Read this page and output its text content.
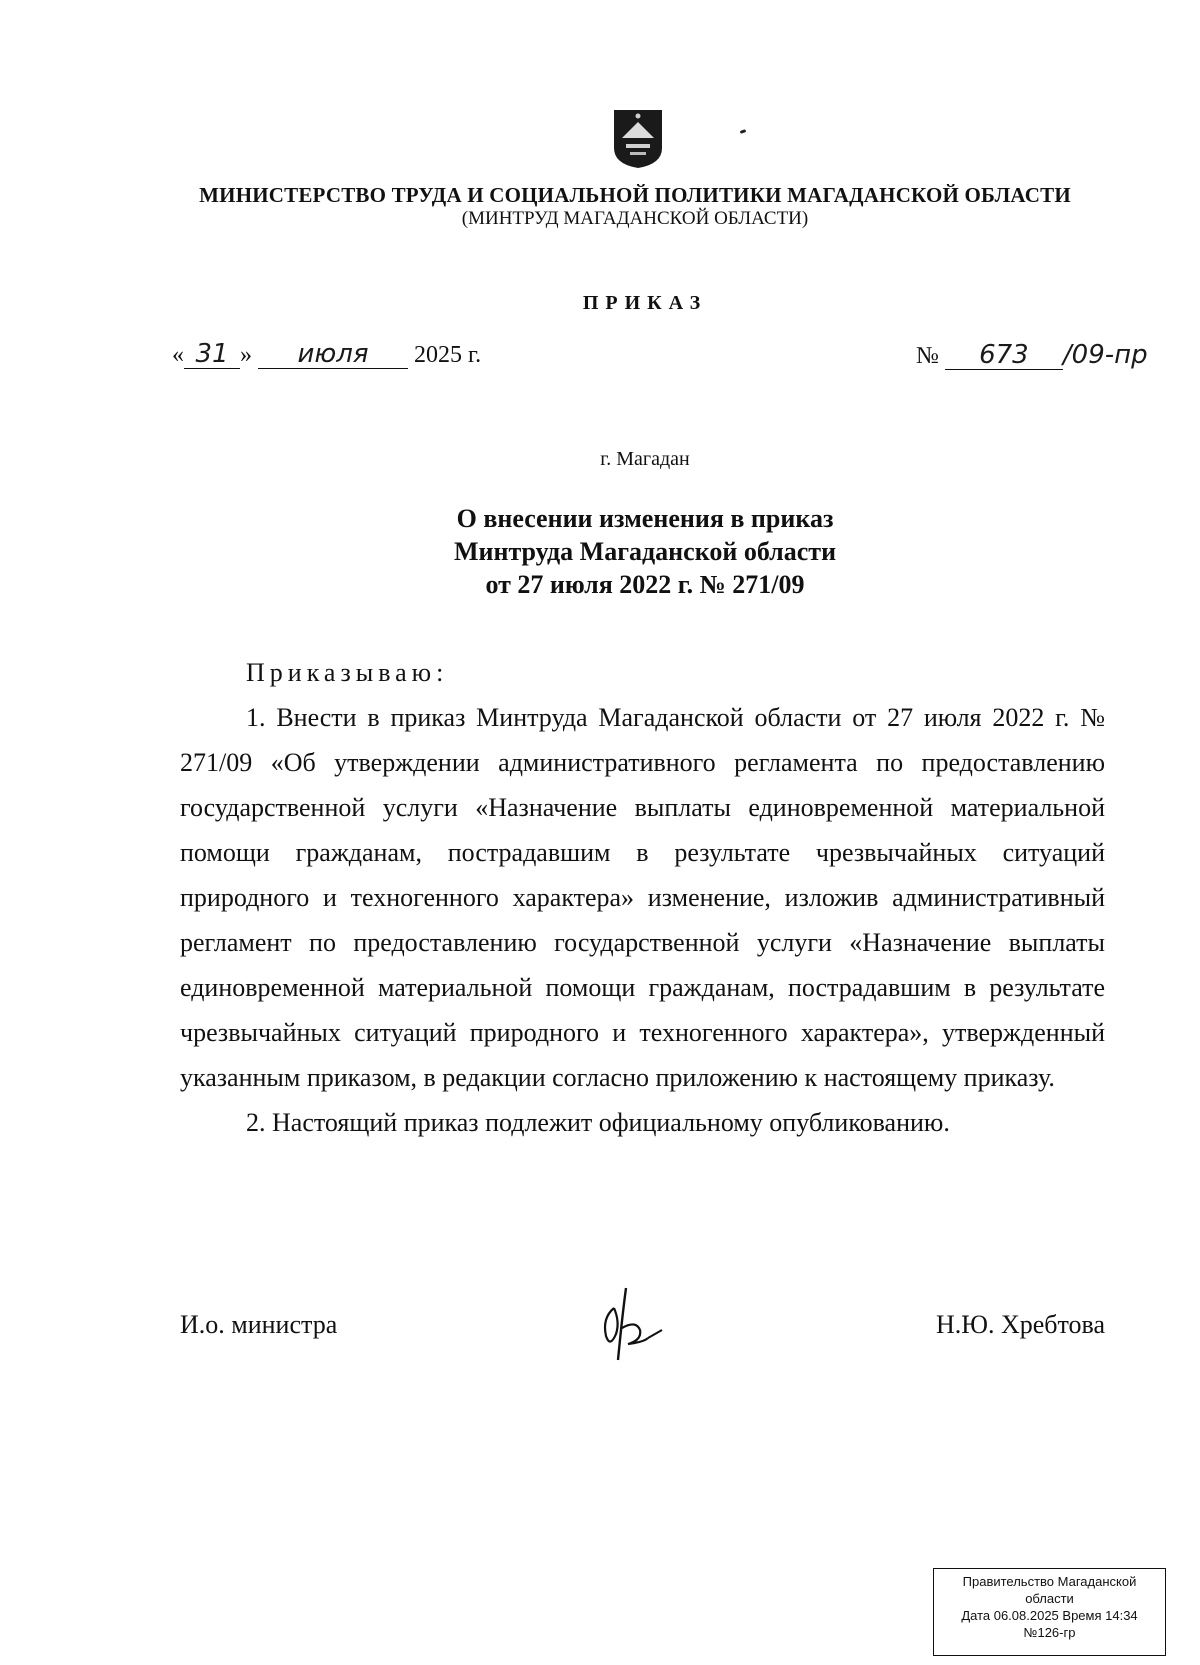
МИНИСТЕРСТВО ТРУДА И СОЦИАЛЬНОЙ ПОЛИТИКИ МАГАДАНСКОЙ ОБЛАСТИ
(МИНТРУД МАГАДАНСКОЙ ОБЛАСТИ)
ПРИКАЗ
« 31 » июля 2025 г.	№ 673 /09-пр
г. Магадан
О внесении изменения в приказ
Минтруда Магаданской области
от 27 июля 2022 г. № 271/09
Приказываю:

1. Внести в приказ Минтруда Магаданской области от 27 июля 2022 г. № 271/09 «Об утверждении административного регламента по предоставлению государственной услуги «Назначение выплаты единовременной материальной помощи гражданам, пострадавшим в результате чрезвычайных ситуаций природного и техногенного характера» изменение, изложив административный регламент по предоставлению государственной услуги «Назначение выплаты единовременной материальной помощи гражданам, пострадавшим в результате чрезвычайных ситуаций природного и техногенного характера», утвержденный указанным приказом, в редакции согласно приложению к настоящему приказу.

2. Настоящий приказ подлежит официальному опубликованию.

И.о. министра	Н.Ю. Хребтова
Правительство Магаданской
области
Дата 06.08.2025 Время 14:34
№126-гр
